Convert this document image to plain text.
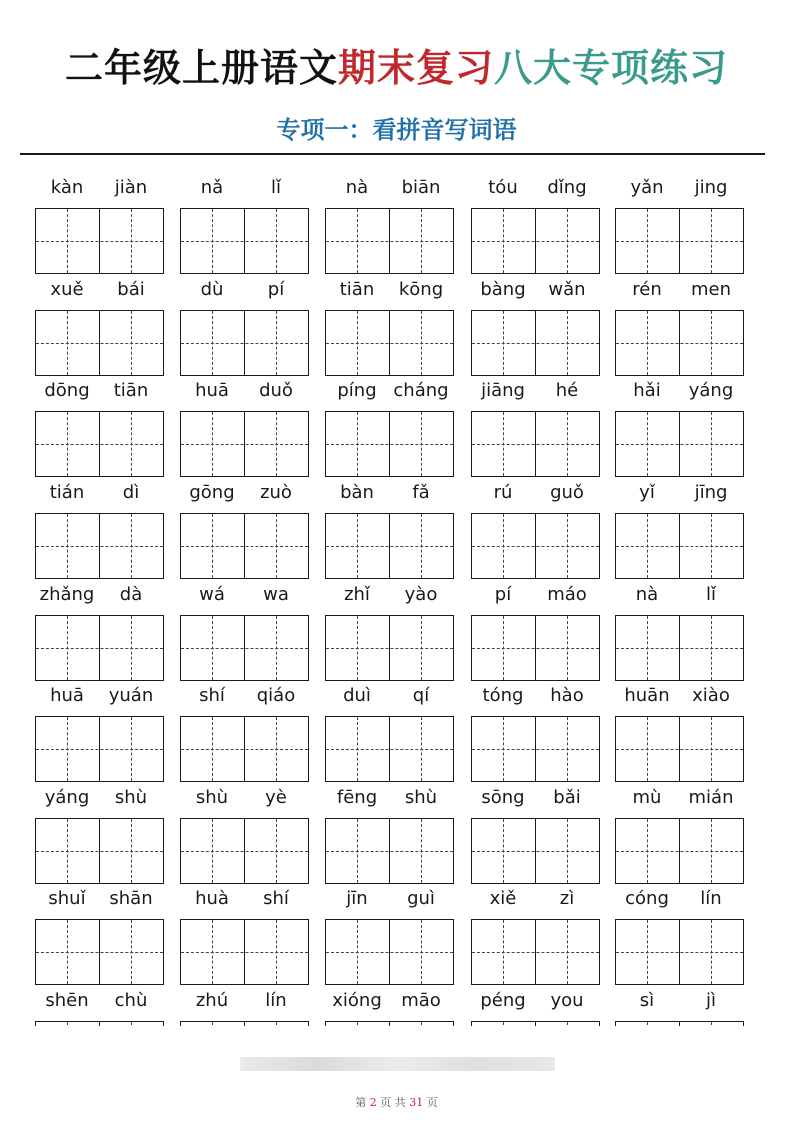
二年级上册语文期末复习八大专项练习
专项一：看拼音写词语
kàn	jiàn	nǎ	lǐ	nà	biān	tóu	dǐng	yǎn	jing
xuě	bái	dù	pí	tiān	kōng	bàng	wǎn	rén	men
dōng	tiān	huā	duǒ	píng cháng	jiāng	hé	hǎi	yáng
tián	dì	gōng	zuò	bàn	fǎ	rú	guǒ	yǐ	jīng
zhǎng	dà	wá	wa	zhǐ	yào	pí	máo	nà	lǐ
huā	yuán	shí	qiáo	duì	qí	tóng	hào	huān	xiào
yáng	shù	shù	yè	fēng	shù	sōng	bǎi	mù	mián
shuǐ	shān	huà	shí	jīn	guì	xiě	zì	cóng	lín
shēn	chù	zhú	lín	xióng	māo	péng	you	sì	jì
第 2 页 共 31 页
